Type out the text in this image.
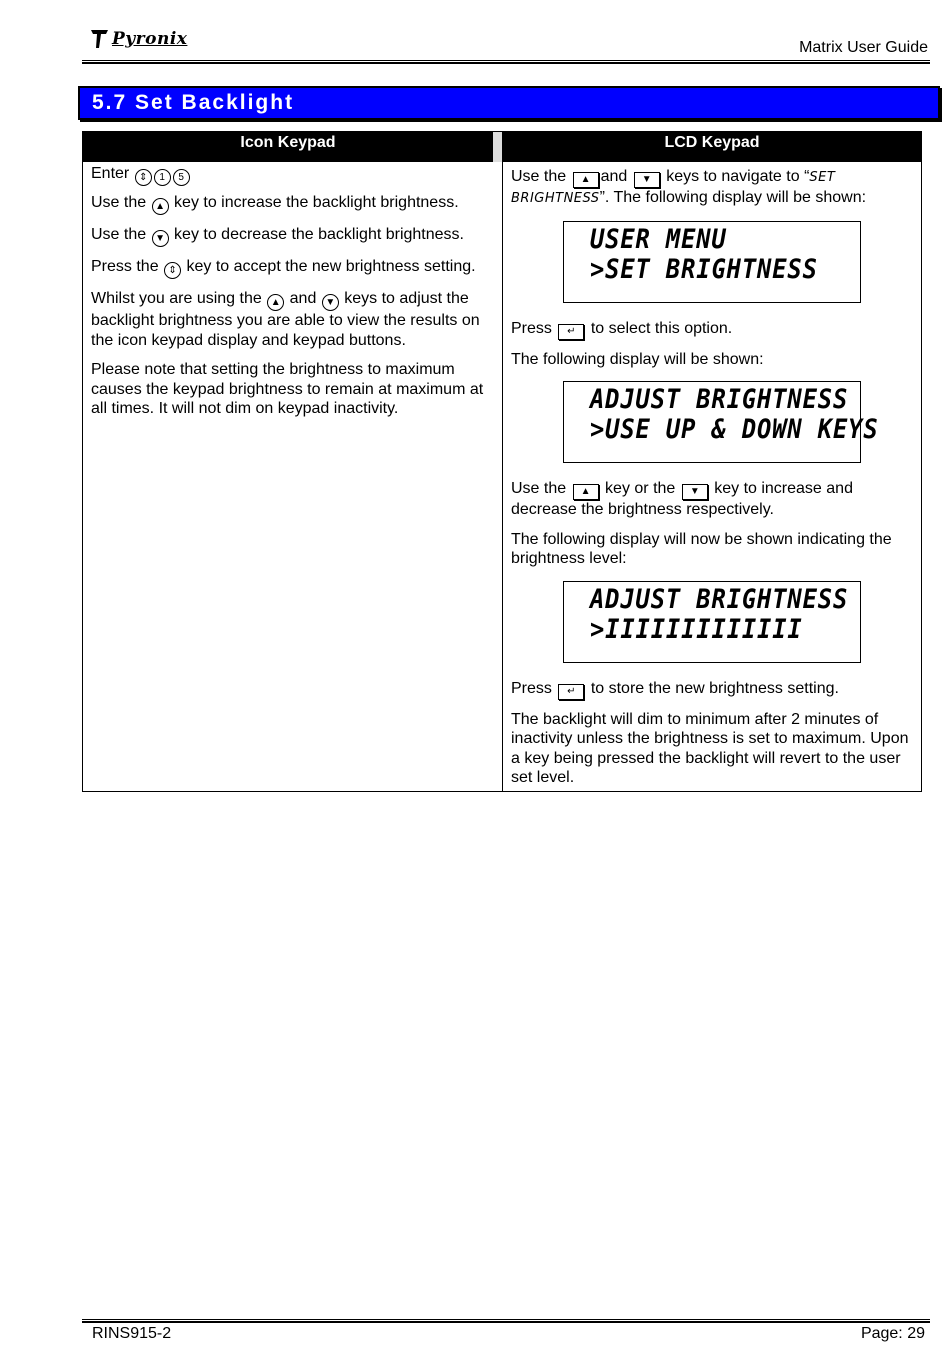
Pyronix	Matrix User Guide
5.7 Set Backlight
Icon Keypad	LCD Keypad

Enter ⇕ 1 5

Use the ▲ key to increase the backlight brightness.

Use the ▼ key to decrease the backlight brightness.

Press the ⇕ key to accept the new brightness setting.

Whilst you are using the ▲ and ▼ keys to adjust the backlight brightness you are able to view the results on the icon keypad display and keypad buttons.

Please note that setting the brightness to maximum causes the keypad brightness to remain at maximum at all times. It will not dim on keypad inactivity.

Use the ▲ and ▼ keys to navigate to “SET BRIGHTNESS”. The following display will be shown:

USER MENU
>SET BRIGHTNESS

Press ↵ to select this option.

The following display will be shown:

ADJUST BRIGHTNESS
>USE UP & DOWN KEYS

Use the ▲ key or the ▼ key to increase and decrease the brightness respectively.

The following display will now be shown indicating the brightness level:

ADJUST BRIGHTNESS
>IIIIIIIIIIIII

Press ↵ to store the new brightness setting.

The backlight will dim to minimum after 2 minutes of inactivity unless the brightness is set to maximum. Upon a key being pressed the backlight will revert to the user set level.

RINS915-2	Page: 29
